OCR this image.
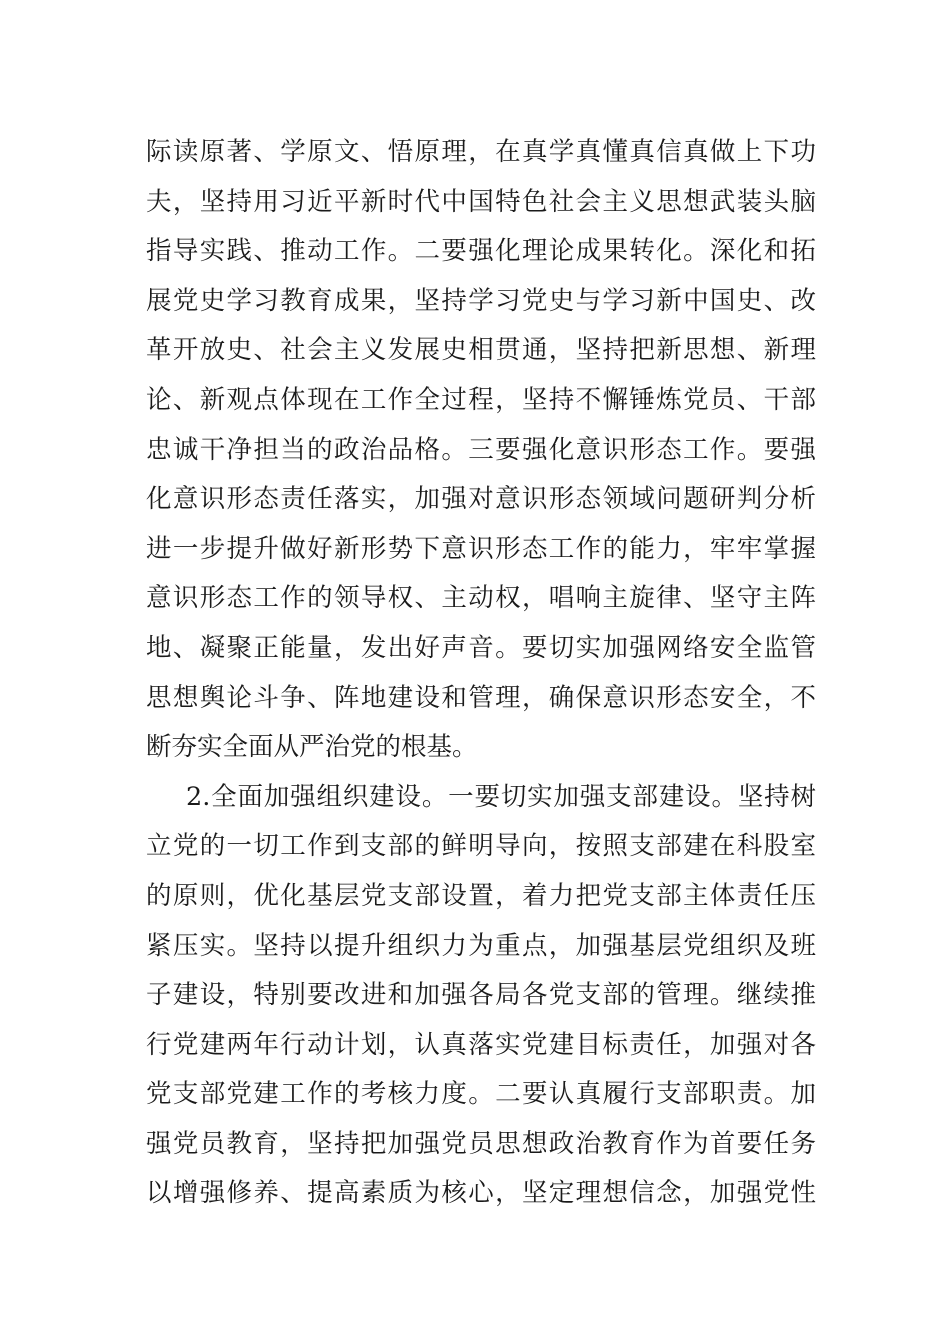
际读原著、学原文、悟原理，在真学真懂真信真做上下功
夫，坚持用习近平新时代中国特色社会主义思想武装头脑
指导实践、推动工作。二要强化理论成果转化。深化和拓
展党史学习教育成果，坚持学习党史与学习新中国史、改
革开放史、社会主义发展史相贯通，坚持把新思想、新理
论、新观点体现在工作全过程，坚持不懈锤炼党员、干部
忠诚干净担当的政治品格。三要强化意识形态工作。要强
化意识形态责任落实，加强对意识形态领域问题研判分析
进一步提升做好新形势下意识形态工作的能力，牢牢掌握
意识形态工作的领导权、主动权，唱响主旋律、坚守主阵
地、凝聚正能量，发出好声音。要切实加强网络安全监管
思想舆论斗争、阵地建设和管理，确保意识形态安全，不
断夯实全面从严治党的根基。
2.全面加强组织建设。一要切实加强支部建设。坚持树
立党的一切工作到支部的鲜明导向，按照支部建在科股室
的原则，优化基层党支部设置，着力把党支部主体责任压
紧压实。坚持以提升组织力为重点，加强基层党组织及班
子建设，特别要改进和加强各局各党支部的管理。继续推
行党建两年行动计划，认真落实党建目标责任，加强对各
党支部党建工作的考核力度。二要认真履行支部职责。加
强党员教育，坚持把加强党员思想政治教育作为首要任务
以增强修养、提高素质为核心，坚定理想信念，加强党性
